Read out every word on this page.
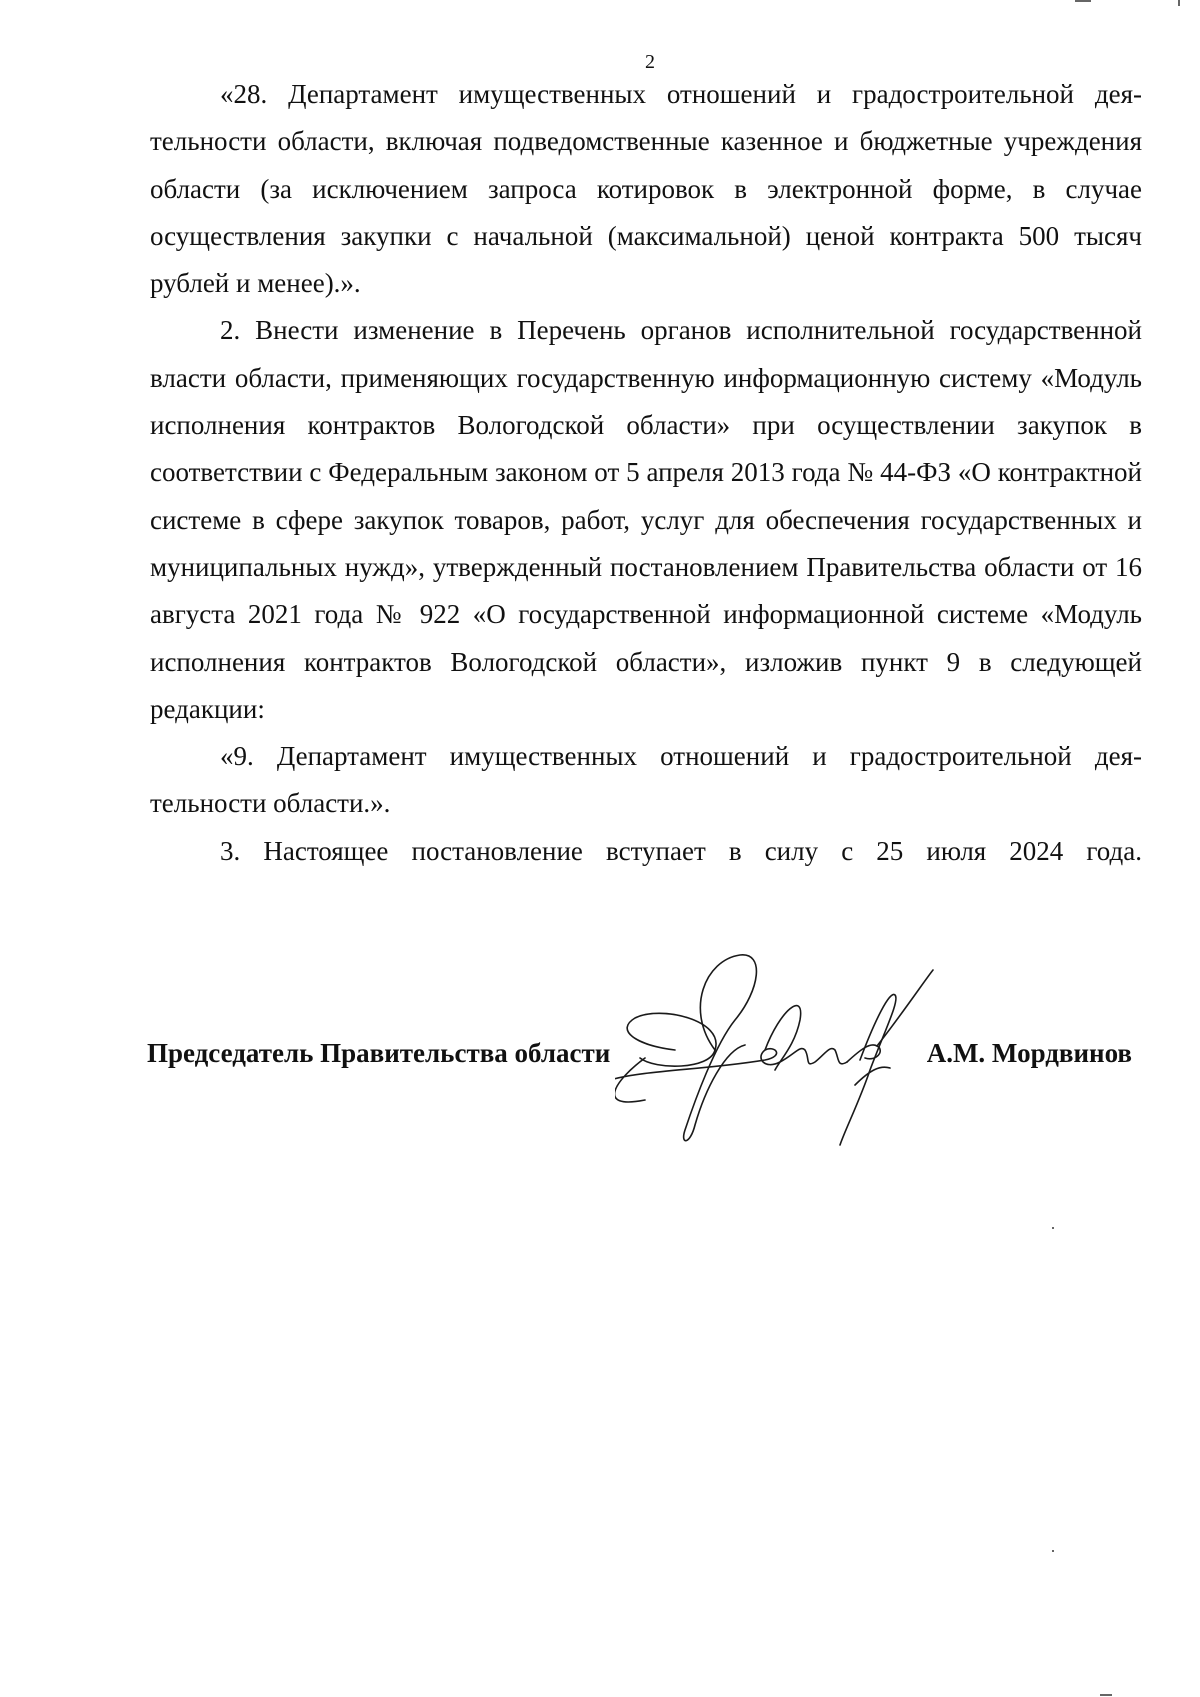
2

«28. Департамент имущественных отношений и градостроительной деятельности области, включая подведомственные казенное и бюджетные учреждения области (за исключением запроса котировок в электронной форме, в случае осуществления закупки с начальной (максимальной) ценой контракта 500 тысяч рублей и менее).».

2. Внести изменение в Перечень органов исполнительной государственной власти области, применяющих государственную информационную систему «Модуль исполнения контрактов Вологодской области» при осуществлении закупок в соответствии с Федеральным законом от 5 апреля 2013 года № 44-ФЗ «О контрактной системе в сфере закупок товаров, работ, услуг для обеспечения государственных и муниципальных нужд», утвержденный постановлением Правительства области от 16 августа 2021 года № 922 «О государственной информационной системе «Модуль исполнения контрактов Вологодской области», изложив пункт 9 в следующей редакции:

«9. Департамент имущественных отношений и градостроительной деятельности области.».

3. Настоящее постановление вступает в силу с 25 июля 2024 года.

Председатель Правительства области	А.М. Мордвинов
